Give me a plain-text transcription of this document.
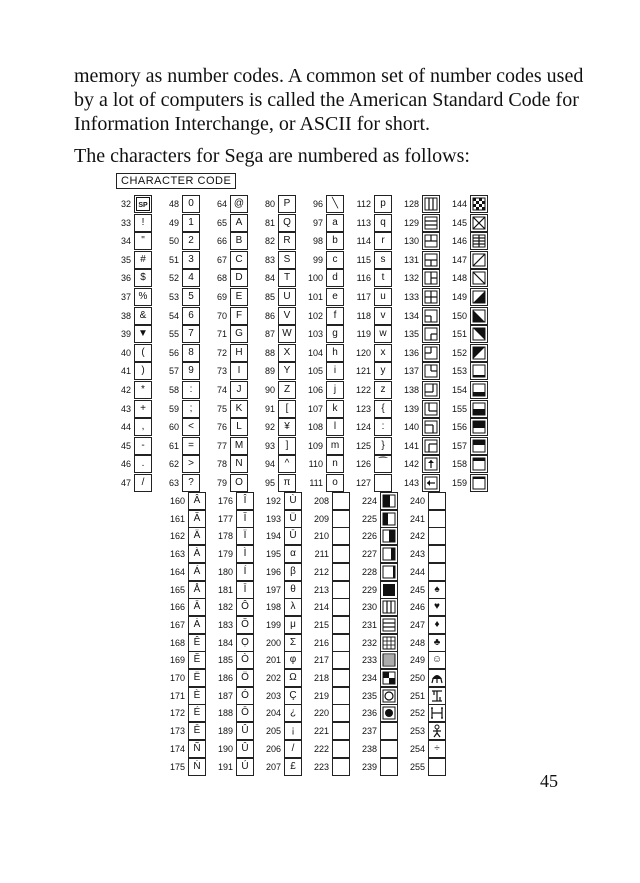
memory as number codes. A common set of number codes used

by a lot of computers is called the American Standard Code for

Information Interchange, or ASCII for short.

The characters for Sega are numbered as follows:
CHARACTER CODE
32 SP
33	!
34	"
35 #
36 $
37 %
38 &
39 ▼
40	(
41	)
42	*
43 +
44	,
45	-
46	.
47	/
48 0
49 1
50 2
51 3
52 4
53 5
54 6
55 7
56 8
57 9
58	:
59	;
60 <
61 =
62 >
63 ?
64 @
65 A
66 B
67 C
68 D
69 E
70 F
71 G
72 H
73	I
74 J
75 K
76 L
77 M
78 N
79 O
80 P
81 Q
82 R
83 S
84 T
85 U
86 V
87 W
88 X
89 Y
90 Z
91	[
92 ¥
93	]
94 ^
95 π
96 ╲
97 a
98 b
99 c
100 d
101 e
102	f
103 g
104 h
105	i
106	j
107 k
108	l
109 m
110 n
111 o
112 p
113 q
114	r
115 s
116	t
117 u
118 v
119 w
120 x
121 y
122 z
123	{
124	:
125	}
126 ⁀
127
128
129
130
131
132
133
134
135
136
137
138
139
140
141
142
143
144
145
146
147
148
149
150
151
152
153
154
155
156
157
158
159
160 Â
161 Ă
162 Ä
163 À
164 Á
165 Å
166 Ā
167 Ȧ
168 Ê
169 Ĕ
170 Ë
171 È
172 É
173 Ē
174 Ñ
175 Ṅ
176	Î
177	Ĭ
178	Ï
179	Ì
180	Í
181	Ī
182 Ô
183 Ŏ
184 Ọ
185 Ò
186 Ö
187 Ó
188 Ō
189 Û
190 Û
191 Ú
192 Ù
193 Ü
194 Ū
195 α
196 β
197 θ
198 λ
199 μ
200 Σ
201 φ
202 Ω
203 Ç
204 ¿
205	¡
206	/
207 £
208
209
210
211
212
213
214
215
216
217
218
219
220
221
222
223
224
225
226
227
228
229
230
231
232
233
234
235
236
237
238
239
240
241
242
243
244
245 ♠
246 ♥
247 ♦
248 ♣
249 ☺
250
251
252
253
254 ÷
255
45
